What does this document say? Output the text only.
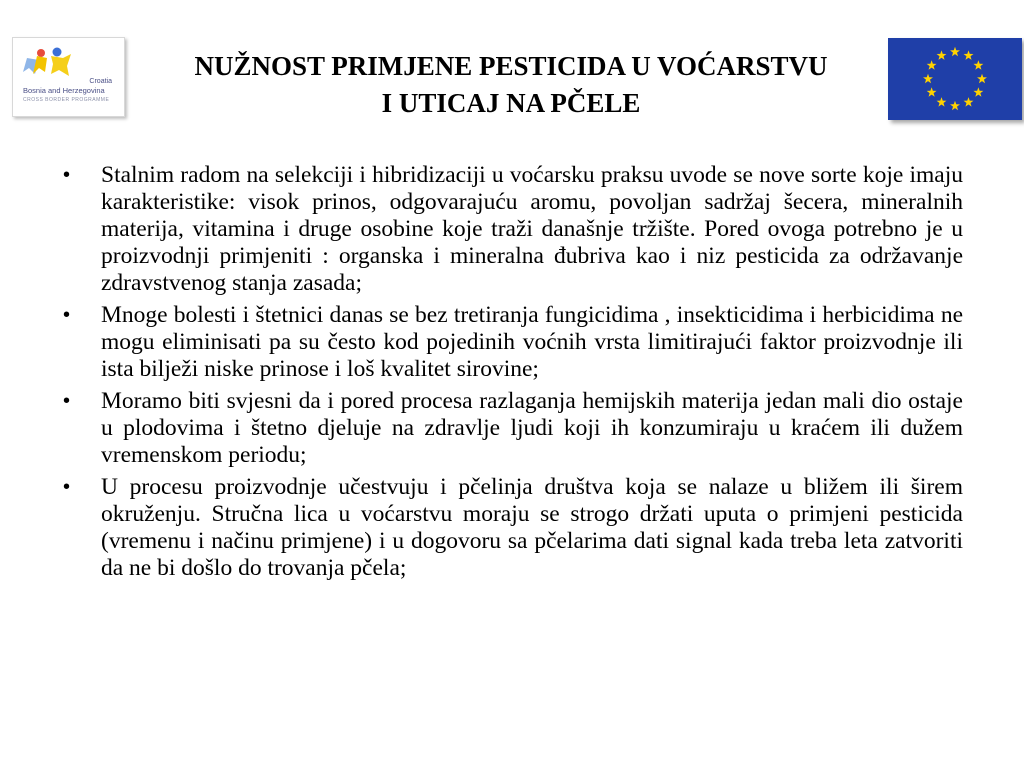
Croatia
Bosnia and Herzegovina
CROSS BORDER PROGRAMME
NUŽNOST PRIMJENE PESTICIDA U VOĆARSTVU
I UTICAJ NA PČELE
• Stalnim radom na selekciji i hibridizaciji u voćarsku praksu uvode se nove sorte koje imaju karakteristike: visok prinos, odgovarajuću aromu, povoljan sadržaj šecera, mineralnih materija, vitamina i druge osobine koje traži današnje tržište. Pored ovoga potrebno je u proizvodnji primjeniti : organska i mineralna đubriva kao i niz pesticida za održavanje zdravstvenog stanja zasada;
• Mnoge bolesti i štetnici danas se bez tretiranja fungicidima , insekticidima i herbicidima ne mogu eliminisati pa su često kod pojedinih voćnih vrsta limitirajući faktor proizvodnje ili ista bilježi niske prinose i loš kvalitet sirovine;
• Moramo biti svjesni da i pored procesa razlaganja hemijskih materija jedan mali dio ostaje u plodovima i štetno djeluje na zdravlje ljudi koji ih konzumiraju u kraćem ili dužem vremenskom periodu;
• U procesu proizvodnje učestvuju i pčelinja društva koja se nalaze u bližem ili širem okruženju. Stručna lica u voćarstvu moraju se strogo držati uputa o primjeni pesticida (vremenu i načinu primjene) i u dogovoru sa pčelarima dati signal kada treba leta zatvoriti da ne bi došlo do trovanja pčela;
